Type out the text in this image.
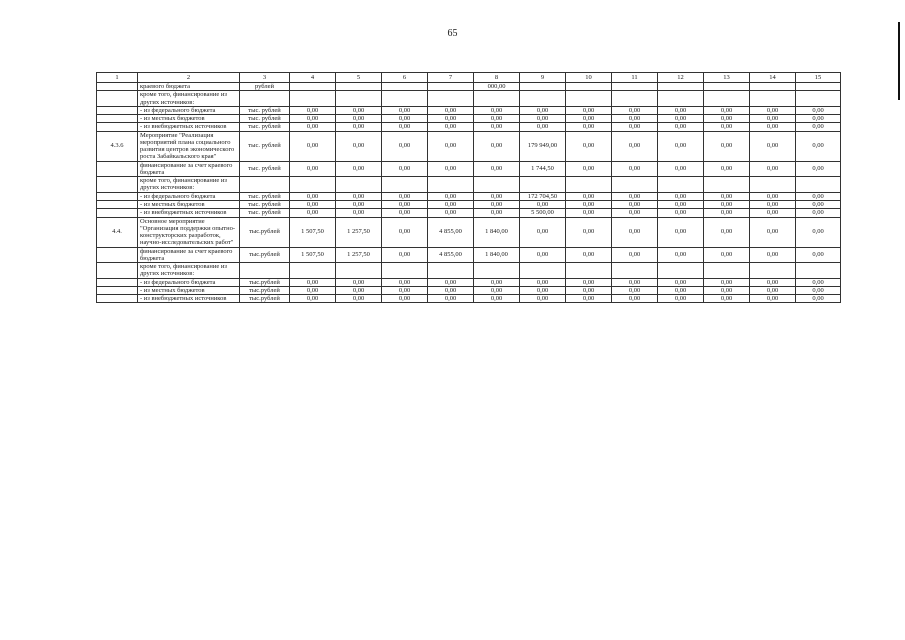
65
1	2	3	4	5	6	7	8	9	10	11	12	13	14	15
	краевого бюджета	рублей					000,00							
	кроме того, финансирование из других источников:													
	- из федерального бюджета	тыс. рублей	0,00	0,00	0,00	0,00	0,00	0,00	0,00	0,00	0,00	0,00	0,00	0,00
	- из местных бюджетов	тыс. рублей	0,00	0,00	0,00	0,00	0,00	0,00	0,00	0,00	0,00	0,00	0,00	0,00
	- из внебюджетных источников	тыс. рублей	0,00	0,00	0,00	0,00	0,00	0,00	0,00	0,00	0,00	0,00	0,00	0,00
4.3.6	Мероприятие "Реализация мероприятий плана социального развития центров экономического роста Забайкальского края"	тыс. рублей	0,00	0,00	0,00	0,00	0,00	179 949,00	0,00	0,00	0,00	0,00	0,00	0,00
	финансирование за счет краевого бюджета	тыс. рублей	0,00	0,00	0,00	0,00	0,00	1 744,50	0,00	0,00	0,00	0,00	0,00	0,00
	кроме того, финансирование из других источников:													
	- из федерального бюджета	тыс. рублей	0,00	0,00	0,00	0,00	0,00	172 704,50	0,00	0,00	0,00	0,00	0,00	0,00
	- из местных бюджетов	тыс. рублей	0,00	0,00	0,00	0,00	0,00	0,00	0,00	0,00	0,00	0,00	0,00	0,00
	- из внебюджетных источников	тыс. рублей	0,00	0,00	0,00	0,00	0,00	5 500,00	0,00	0,00	0,00	0,00	0,00	0,00
4.4.	Основное мероприятие "Организация поддержки опытно-конструкторских разработок, научно-исследовательских работ"	тыс.рублей	1 507,50	1 257,50	0,00	4 855,00	1 840,00	0,00	0,00	0,00	0,00	0,00	0,00	0,00
	финансирование за счет краевого бюджета	тыс.рублей	1 507,50	1 257,50	0,00	4 855,00	1 840,00	0,00	0,00	0,00	0,00	0,00	0,00	0,00
	кроме того, финансирование из других источников:													
	- из федерального бюджета	тыс.рублей	0,00	0,00	0,00	0,00	0,00	0,00	0,00	0,00	0,00	0,00	0,00	0,00
	- из местных бюджетов	тыс.рублей	0,00	0,00	0,00	0,00	0,00	0,00	0,00	0,00	0,00	0,00	0,00	0,00
	- из внебюджетных источников	тыс.рублей	0,00	0,00	0,00	0,00	0,00	0,00	0,00	0,00	0,00	0,00	0,00	0,00
